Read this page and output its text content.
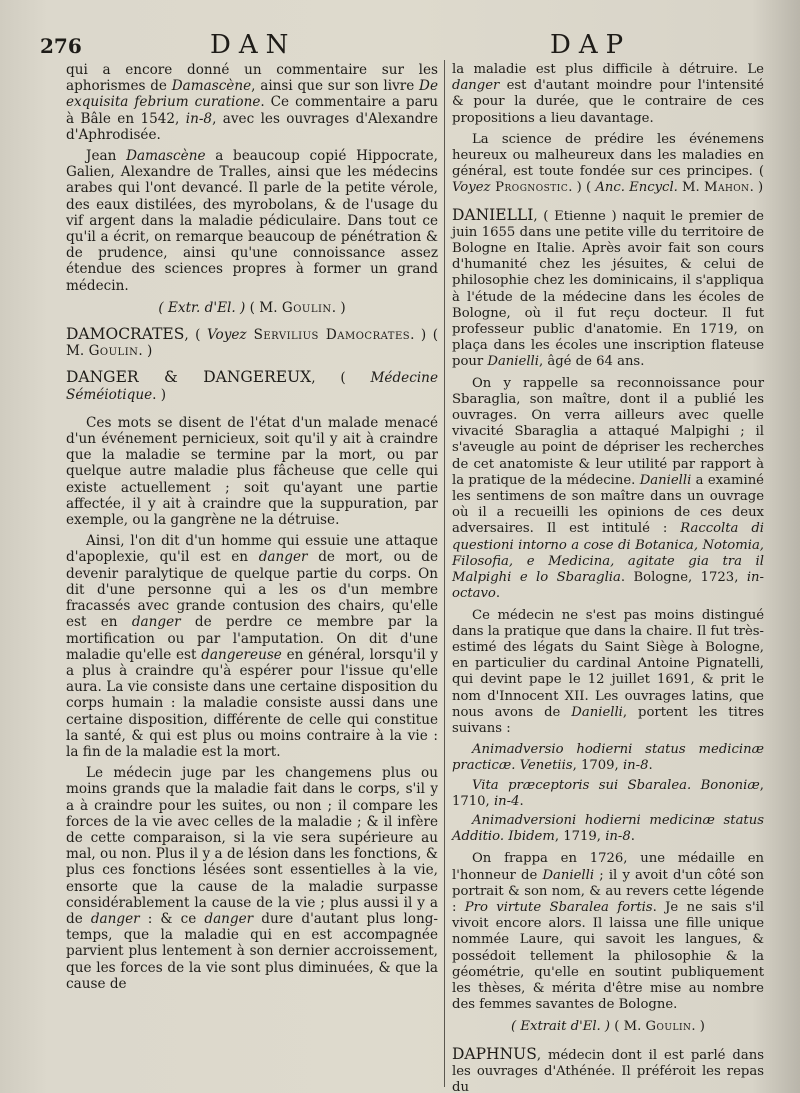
276	DAN	DAP

qui a encore donné un commentaire sur les aphorismes de Damascène, ainsi que sur son livre De exquisita febrium curatione. Ce commentaire a paru à Bâle en 1542, in-8, avec les ouvrages d'Alexandre d'Aphrodisée.

Jean Damascène a beaucoup copié Hippocrate, Galien, Alexandre de Tralles, ainsi que les médecins arabes qui l'ont devancé. Il parle de la petite vérole, des eaux distilées, des myrobolans, & de l'usage du vif argent dans la maladie pédiculaire. Dans tout ce qu'il a écrit, on remarque beaucoup de pénétration & de prudence, ainsi qu'une connoissance assez étendue des sciences propres à former un grand médecin.

( Extr. d'El. ) ( M. Goulin. )

DAMOCRATES, ( Voyez Servilius Damocrates. ) ( M. Goulin. )

DANGER & DANGEREUX, ( Médecine Séméiotique. )

Ces mots se disent de l'état d'un malade menacé d'un événement pernicieux, soit qu'il y ait à craindre que la maladie se termine par la mort, ou par quelque autre maladie plus fâcheuse que celle qui existe actuellement ; soit qu'ayant une partie affectée, il y ait à craindre que la suppuration, par exemple, ou la gangrène ne la détruise.

Ainsi, l'on dit d'un homme qui essuie une attaque d'apoplexie, qu'il est en danger de mort, ou de devenir paralytique de quelque partie du corps. On dit d'une personne qui a les os d'un membre fracassés avec grande contusion des chairs, qu'elle est en danger de perdre ce membre par la mortification ou par l'amputation. On dit d'une maladie qu'elle est dangereuse en général, lorsqu'il y a plus à craindre qu'à espérer pour l'issue qu'elle aura. La vie consiste dans une certaine disposition du corps humain : la maladie consiste aussi dans une certaine disposition, différente de celle qui constitue la santé, & qui est plus ou moins contraire à la vie : la fin de la maladie est la mort.

Le médecin juge par les changemens plus ou moins grands que la maladie fait dans le corps, s'il y a à craindre pour les suites, ou non ; il compare les forces de la vie avec celles de la maladie ; & il infère de cette comparaison, si la vie sera supérieure au mal, ou non. Plus il y a de lésion dans les fonctions, & plus ces fonctions lésées sont essentielles à la vie, ensorte que la cause de la maladie surpasse considérablement la cause de la vie ; plus aussi il y a de danger : & ce danger dure d'autant plus long-temps, que la maladie qui en est accompagnée parvient plus lentement à son dernier accroissement, que les forces de la vie sont plus diminuées, & que la cause de

la maladie est plus difficile à détruire. Le danger est d'autant moindre pour l'intensité & pour la durée, que le contraire de ces propositions a lieu davantage.

La science de prédire les événemens heureux ou malheureux dans les maladies en général, est toute fondée sur ces principes. ( Voyez Prognostic. ) ( Anc. Encycl. M. Mahon. )

DANIELLI, ( Etienne ) naquit le premier de juin 1655 dans une petite ville du territoire de Bologne en Italie. Après avoir fait son cours d'humanité chez les jésuites, & celui de philosophie chez les dominicains, il s'appliqua à l'étude de la médecine dans les écoles de Bologne, où il fut reçu docteur. Il fut professeur public d'anatomie. En 1719, on plaça dans les écoles une inscription flateuse pour Danielli, âgé de 64 ans.

On y rappelle sa reconnoissance pour Sbaraglia, son maître, dont il a publié les ouvrages. On verra ailleurs avec quelle vivacité Sbaraglia a attaqué Malpighi ; il s'aveugle au point de dépriser les recherches de cet anatomiste & leur utilité par rapport à la pratique de la médecine. Danielli a examiné les sentimens de son maître dans un ouvrage où il a recueilli les opinions de ces deux adversaires. Il est intitulé : Raccolta di questioni intorno a cose di Botanica, Notomia, Filosofia, e Medicina, agitate gia tra il Malpighi e lo Sbaraglia. Bologne, 1723, in-octavo.

Ce médecin ne s'est pas moins distingué dans la pratique que dans la chaire. Il fut très-estimé des légats du Saint Siège à Bologne, en particulier du cardinal Antoine Pignatelli, qui devint pape le 12 juillet 1691, & prit le nom d'Innocent XII. Les ouvrages latins, que nous avons de Danielli, portent les titres suivans :

Animadversio hodierni status medicinæ practicæ. Venetiis, 1709, in-8.

Vita præceptoris sui Sbaralea. Bononiæ, 1710, in-4.

Animadversioni hodierni medicinæ status Additio. Ibidem, 1719, in-8.

On frappa en 1726, une médaille en l'honneur de Danielli ; il y avoit d'un côté son portrait & son nom, & au revers cette légende : Pro virtute Sbaralea fortis. Je ne sais s'il vivoit encore alors. Il laissa une fille unique nommée Laure, qui savoit les langues, & possédoit tellement la philosophie & la géométrie, qu'elle en soutint publiquement les thèses, & mérita d'être mise au nombre des femmes savantes de Bologne.

( Extrait d'El. ) ( M. Goulin. )

DAPHNUS, médecin dont il est parlé dans les ouvrages d'Athénée. Il préféroit les repas du
